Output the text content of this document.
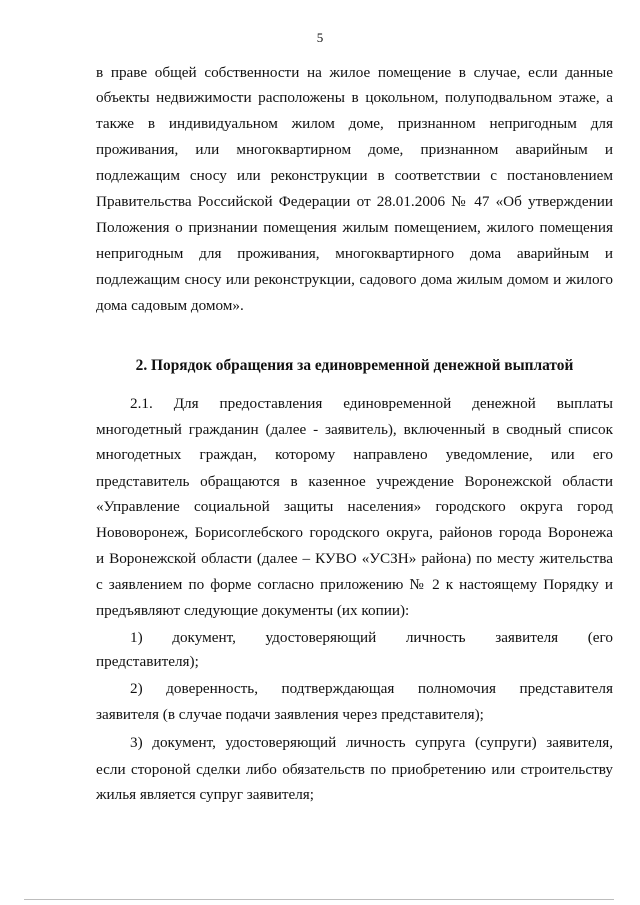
5
в праве общей собственности на жилое помещение в случае, если данные
объекты недвижимости расположены в цокольном, полуподвальном этаже, а
также в индивидуальном жилом доме, признанном непригодным для
проживания, или многоквартирном доме, признанном аварийным и
подлежащим сносу или реконструкции в соответствии с постановлением
Правительства Российской Федерации от 28.01.2006 № 47 «Об утверждении
Положения о признании помещения жилым помещением, жилого помещения
непригодным для проживания, многоквартирного дома аварийным и
подлежащим сносу или реконструкции, садового дома жилым домом и жилого
дома садовым домом».
2. Порядок обращения за единовременной денежной выплатой
2.1. Для предоставления единовременной денежной выплаты
многодетный гражданин (далее - заявитель), включенный в сводный список
многодетных граждан, которому направлено уведомление, или его
представитель обращаются в казенное учреждение Воронежской области
«Управление социальной защиты населения» городского округа город
Нововоронеж, Борисоглебского городского округа, районов города Воронежа
и Воронежской области (далее – КУВО «УСЗН» района) по месту жительства
с заявлением по форме согласно приложению № 2 к настоящему Порядку и
предъявляют следующие документы (их копии):
1) документ, удостоверяющий личность заявителя (его
представителя);
2) доверенность, подтверждающая полномочия представителя
заявителя (в случае подачи заявления через представителя);
3) документ, удостоверяющий личность супруга (супруги) заявителя,
если стороной сделки либо обязательств по приобретению или строительству
жилья является супруг заявителя;
